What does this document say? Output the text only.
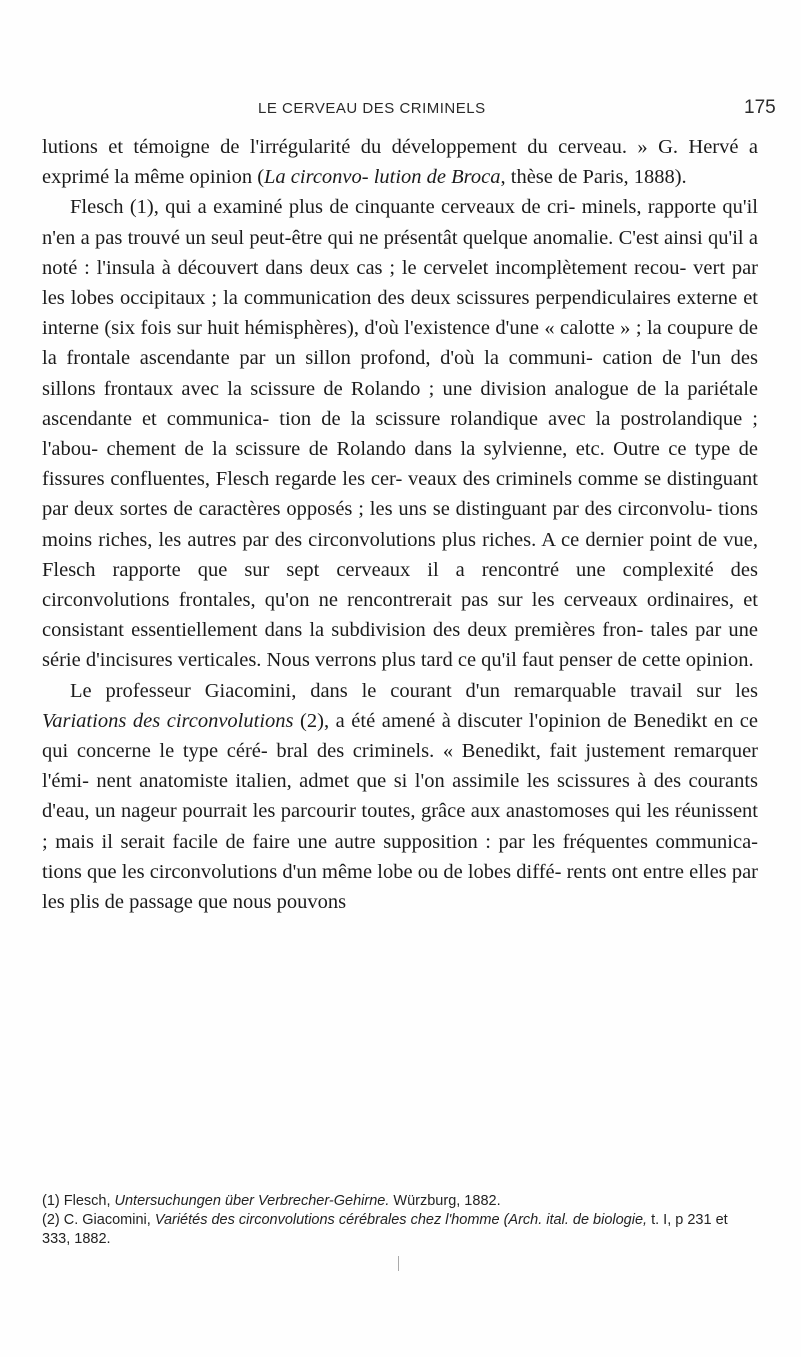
LE CERVEAU DES CRIMINELS	175

lutions et témoigne de l'irrégularité du développement du cerveau. » G. Hervé a exprimé la même opinion (La circonvo- lution de Broca, thèse de Paris, 1888).

Flesch (1), qui a examiné plus de cinquante cerveaux de cri- minels, rapporte qu'il n'en a pas trouvé un seul peut-être qui ne présentât quelque anomalie. C'est ainsi qu'il a noté : l'insula à découvert dans deux cas ; le cervelet incomplètement recou- vert par les lobes occipitaux ; la communication des deux scissures perpendiculaires externe et interne (six fois sur huit hémisphères), d'où l'existence d'une « calotte » ; la coupure de la frontale ascendante par un sillon profond, d'où la communi- cation de l'un des sillons frontaux avec la scissure de Rolando ; une division analogue de la pariétale ascendante et communica- tion de la scissure rolandique avec la postrolandique ; l'abou- chement de la scissure de Rolando dans la sylvienne, etc. Outre ce type de fissures confluentes, Flesch regarde les cer- veaux des criminels comme se distinguant par deux sortes de caractères opposés ; les uns se distinguant par des circonvolu- tions moins riches, les autres par des circonvolutions plus riches. A ce dernier point de vue, Flesch rapporte que sur sept cerveaux il a rencontré une complexité des circonvolutions frontales, qu'on ne rencontrerait pas sur les cerveaux ordinaires, et consistant essentiellement dans la subdivision des deux premières fron- tales par une série d'incisures verticales. Nous verrons plus tard ce qu'il faut penser de cette opinion.

Le professeur Giacomini, dans le courant d'un remarquable travail sur les Variations des circonvolutions (2), a été amené à discuter l'opinion de Benedikt en ce qui concerne le type céré- bral des criminels. « Benedikt, fait justement remarquer l'émi- nent anatomiste italien, admet que si l'on assimile les scissures à des courants d'eau, un nageur pourrait les parcourir toutes, grâce aux anastomoses qui les réunissent ; mais il serait facile de faire une autre supposition : par les fréquentes communica- tions que les circonvolutions d'un même lobe ou de lobes diffé- rents ont entre elles par les plis de passage que nous pouvons

(1) Flesch, Untersuchungen über Verbrecher-Gehirne. Würzburg, 1882.

(2) C. Giacomini, Variétés des circonvolutions cérébrales chez l'homme (Arch. ital. de biologie, t. I, p 231 et 333, 1882.
